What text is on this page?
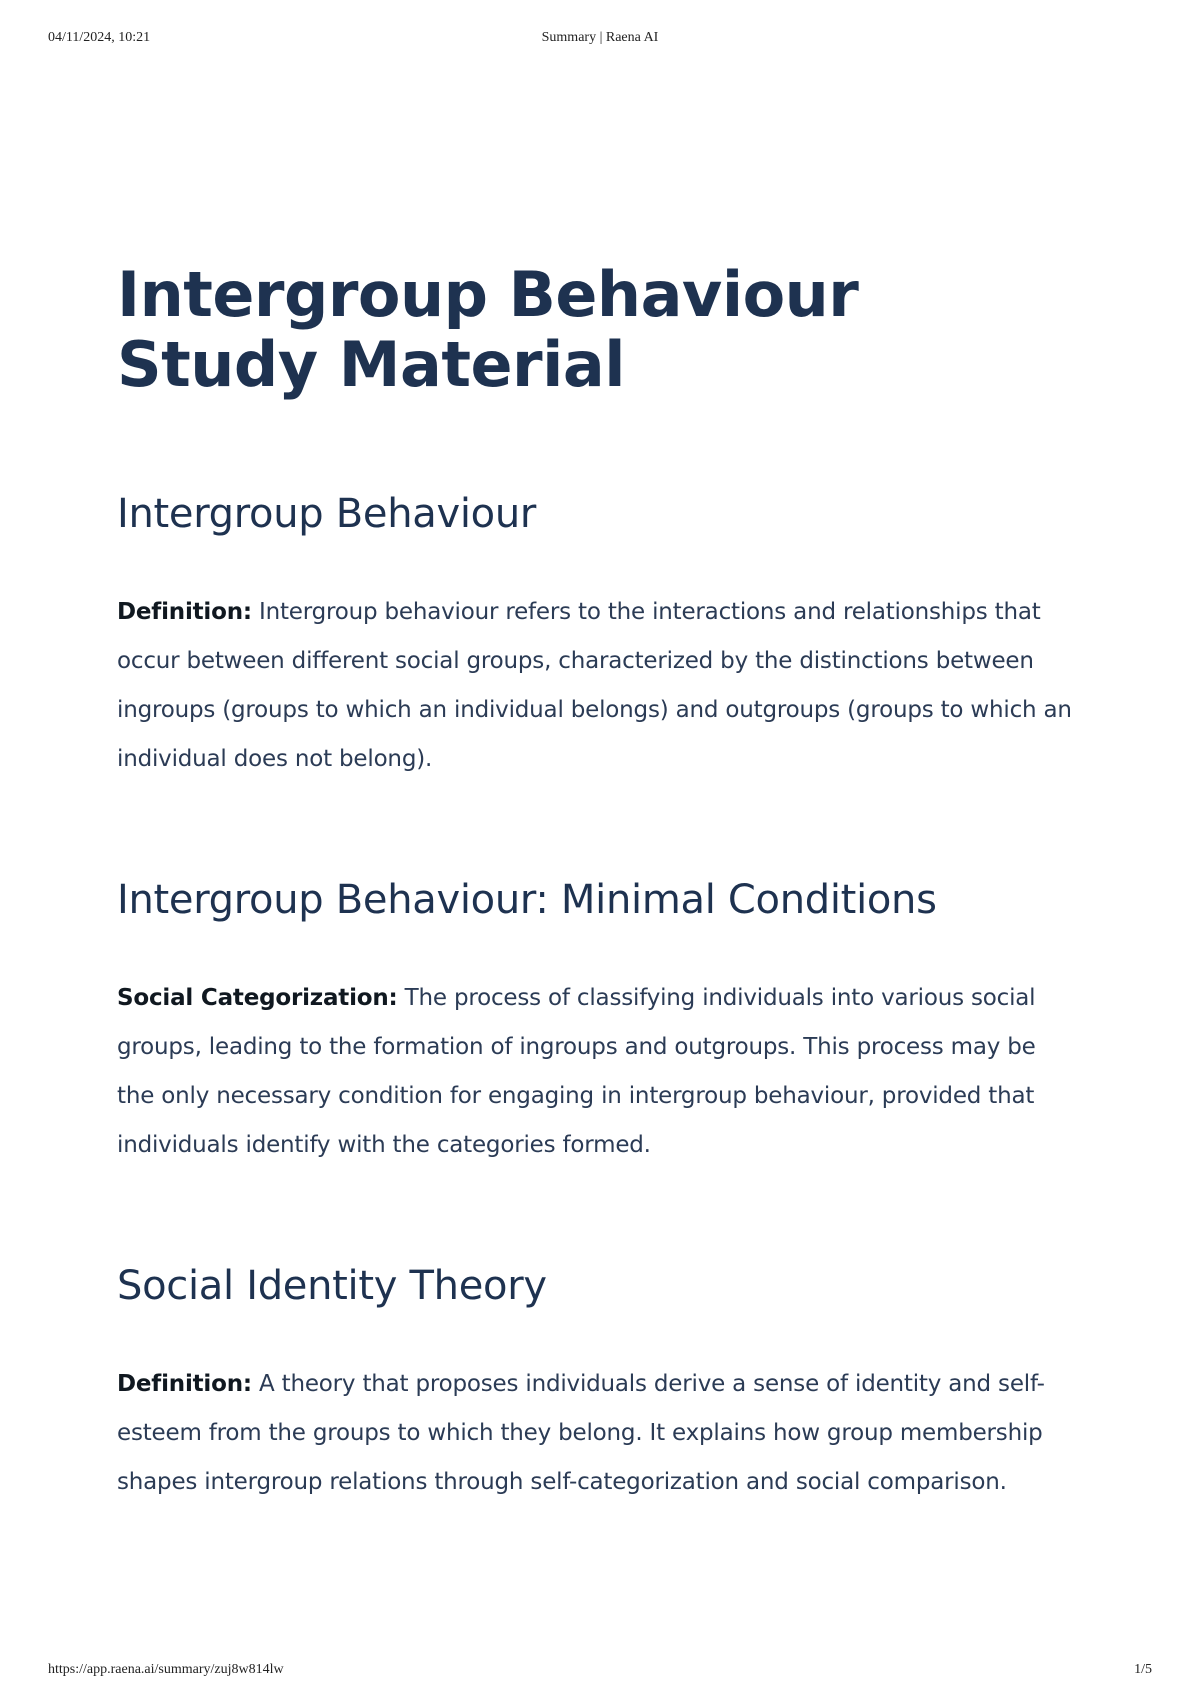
04/11/2024, 10:21	Summary | Raena AI
Intergroup Behaviour Study Material
Intergroup Behaviour

Definition: Intergroup behaviour refers to the interactions and relationships that occur between different social groups, characterized by the distinctions between ingroups (groups to which an individual belongs) and outgroups (groups to which an individual does not belong).

Intergroup Behaviour: Minimal Conditions

Social Categorization: The process of classifying individuals into various social groups, leading to the formation of ingroups and outgroups. This process may be the only necessary condition for engaging in intergroup behaviour, provided that individuals identify with the categories formed.

Social Identity Theory

Definition: A theory that proposes individuals derive a sense of identity and self-esteem from the groups to which they belong. It explains how group membership shapes intergroup relations through self-categorization and social comparison.

https://app.raena.ai/summary/zuj8w814lw	1/5
